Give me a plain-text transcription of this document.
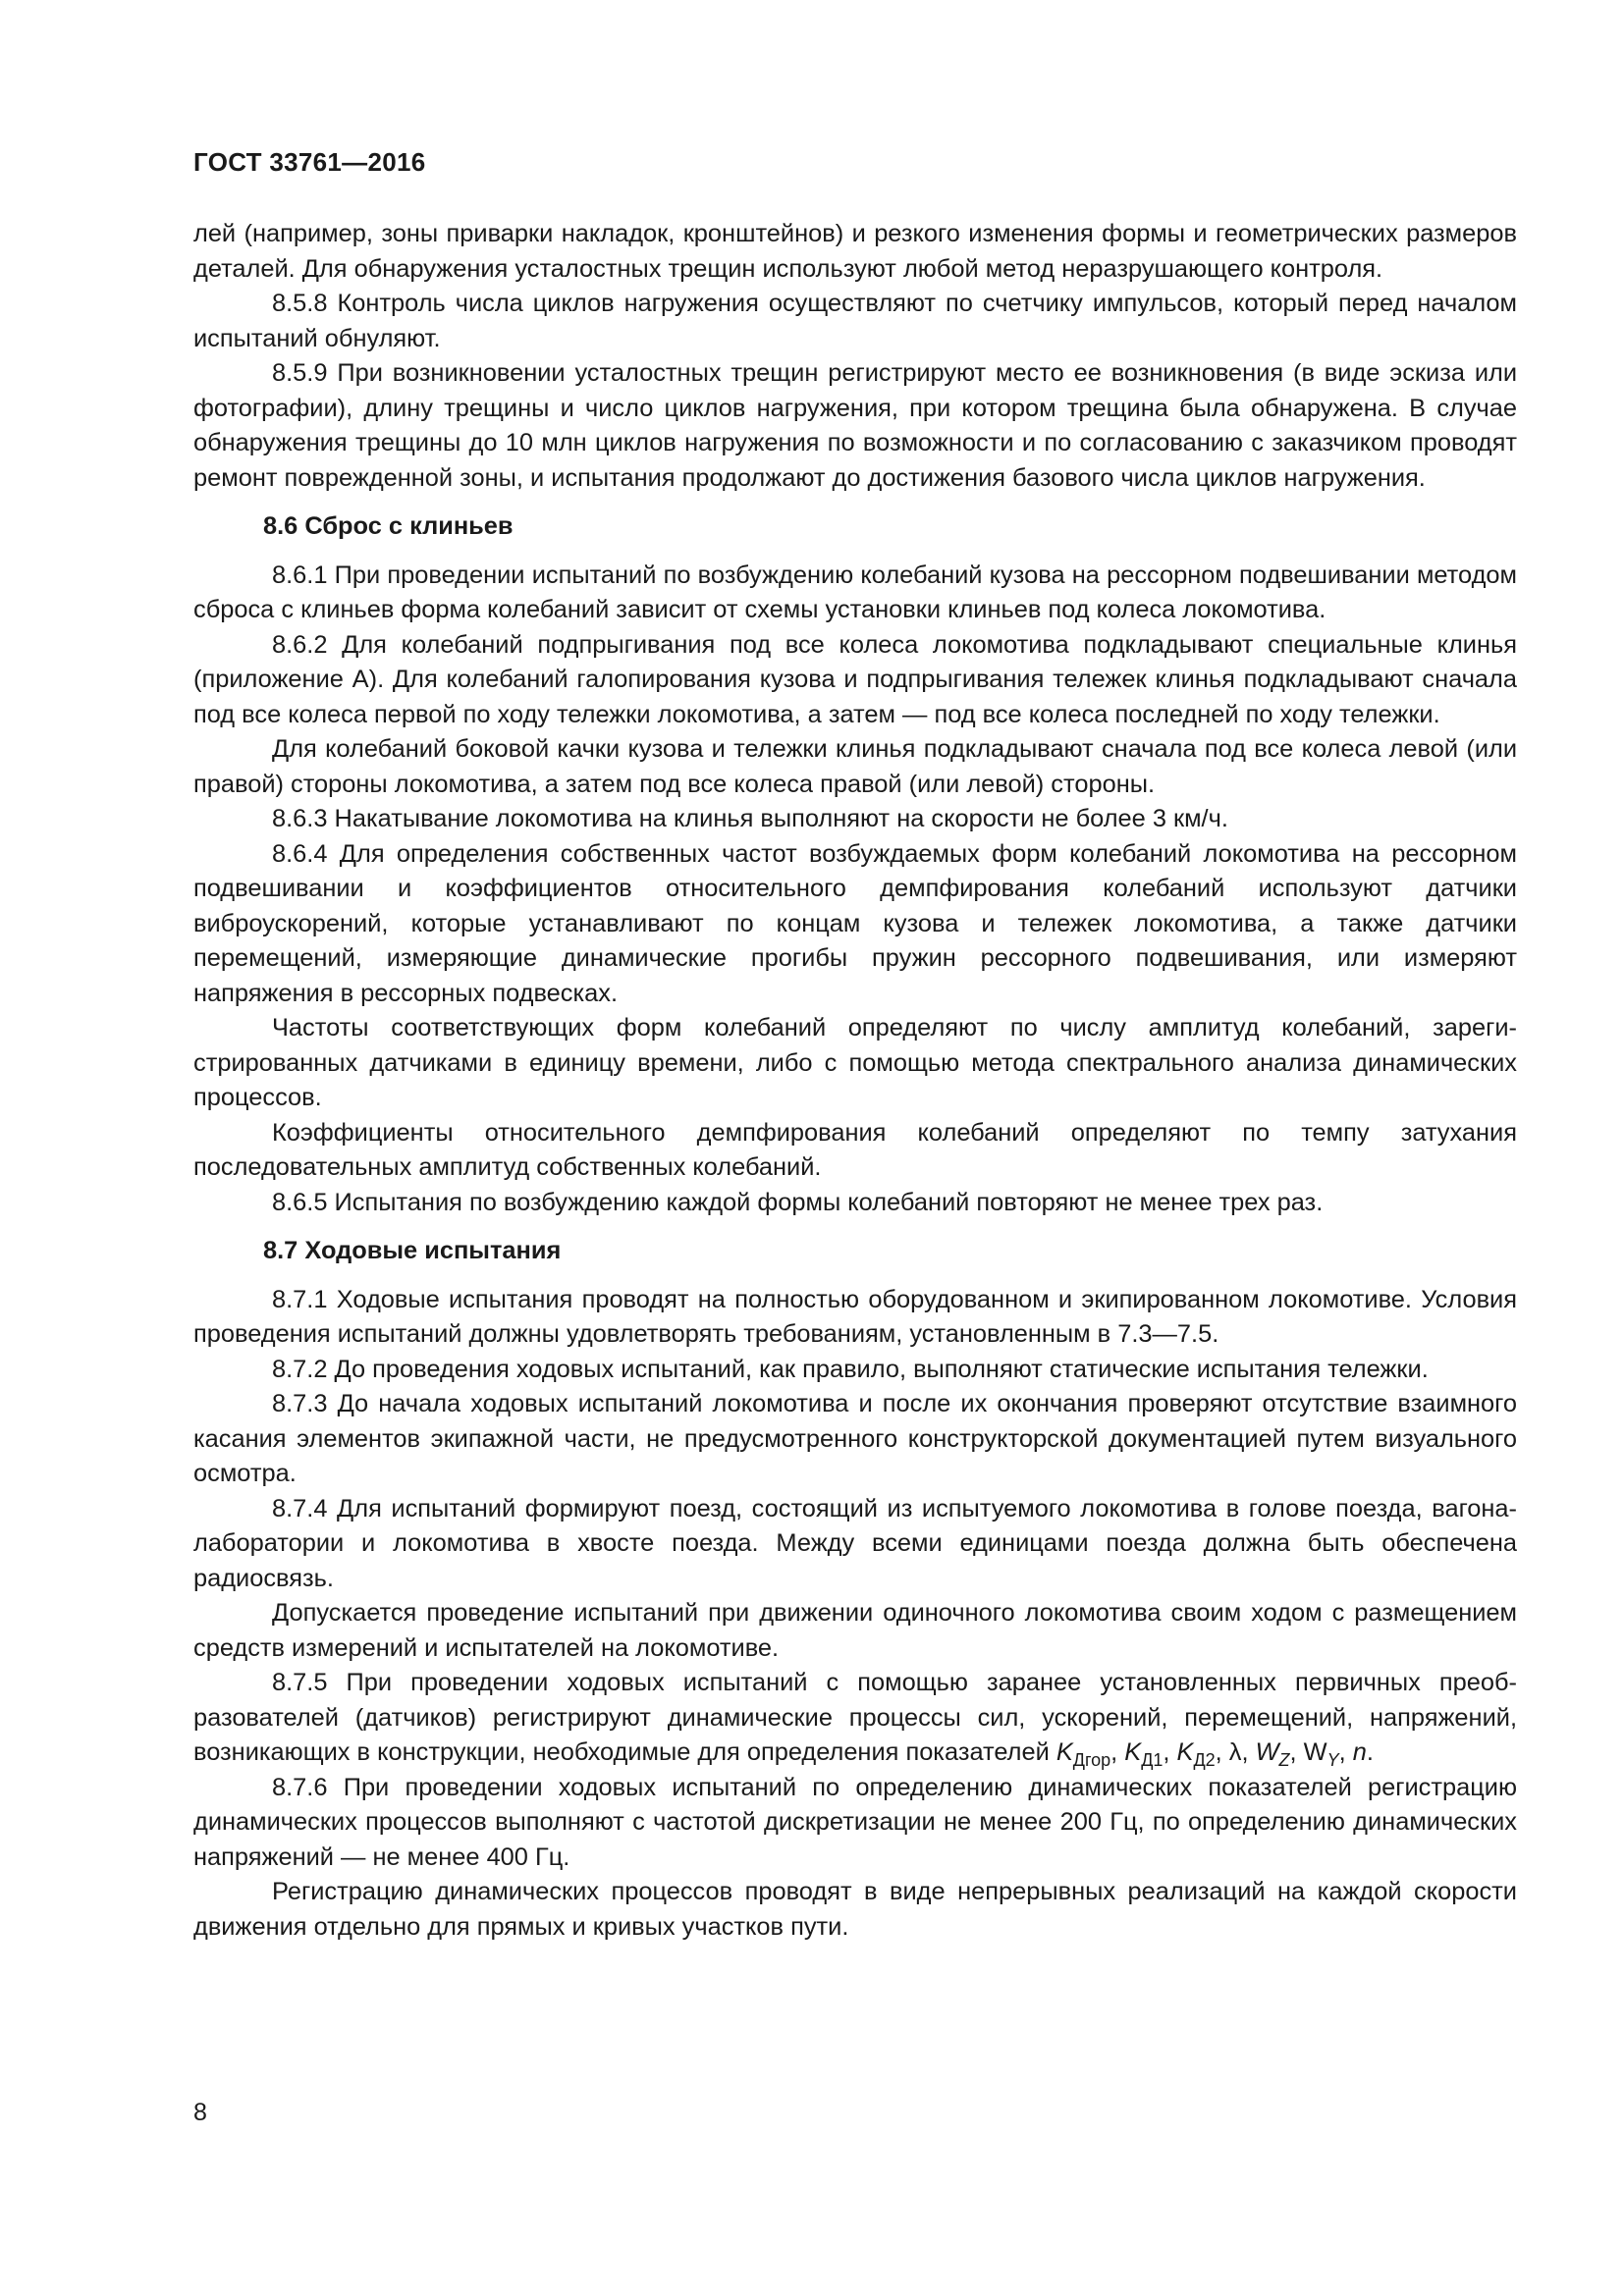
ГОСТ 33761—2016

лей (например, зоны приварки накладок, кронштейнов) и резкого изменения формы и геометрических размеров деталей. Для обнаружения усталостных трещин используют любой метод неразрушающего контроля.

8.5.8 Контроль числа циклов нагружения осуществляют по счетчику импульсов, который перед началом испытаний обнуляют.

8.5.9 При возникновении усталостных трещин регистрируют место ее возникновения (в виде эскиза или фотографии), длину трещины и число циклов нагружения, при котором трещина была обнаружена. В случае обнаружения трещины до 10 млн циклов нагружения по возможности и по согласованию с заказчиком проводят ремонт поврежденной зоны, и испытания продолжают до достижения базового числа циклов нагружения.

8.6 Сброс с клиньев

8.6.1 При проведении испытаний по возбуждению колебаний кузова на рессорном подвешивании методом сброса с клиньев форма колебаний зависит от схемы установки клиньев под колеса локомотива.

8.6.2 Для колебаний подпрыгивания под все колеса локомотива подкладывают специальные клинья (приложение А). Для колебаний галопирования кузова и подпрыгивания тележек клинья подкладывают сначала под все колеса первой по ходу тележки локомотива, а затем — под все колеса последней по ходу тележки.

Для колебаний боковой качки кузова и тележки клинья подкладывают сначала под все колеса левой (или правой) стороны локомотива, а затем под все колеса правой (или левой) стороны.

8.6.3 Накатывание локомотива на клинья выполняют на скорости не более 3 км/ч.

8.6.4 Для определения собственных частот возбуждаемых форм колебаний локомотива на рессорном подвешивании и коэффициентов относительного демпфирования колебаний используют датчики виброускорений, которые устанавливают по концам кузова и тележек локомотива, а также датчики перемещений, измеряющие динамические прогибы пружин рессорного подвешивания, или измеряют напряжения в рессорных подвесках.

Частоты соответствующих форм колебаний определяют по числу амплитуд колебаний, зарегистрированных датчиками в единицу времени, либо с помощью метода спектрального анализа динамических процессов.

Коэффициенты относительного демпфирования колебаний определяют по темпу затухания последовательных амплитуд собственных колебаний.

8.6.5 Испытания по возбуждению каждой формы колебаний повторяют не менее трех раз.

8.7 Ходовые испытания

8.7.1 Ходовые испытания проводят на полностью оборудованном и экипированном локомотиве. Условия проведения испытаний должны удовлетворять требованиям, установленным в 7.3—7.5.

8.7.2 До проведения ходовых испытаний, как правило, выполняют статические испытания тележки.

8.7.3 До начала ходовых испытаний локомотива и после их окончания проверяют отсутствие взаимного касания элементов экипажной части, не предусмотренного конструкторской документацией путем визуального осмотра.

8.7.4 Для испытаний формируют поезд, состоящий из испытуемого локомотива в голове поезда, вагона-лаборатории и локомотива в хвосте поезда. Между всеми единицами поезда должна быть обеспечена радиосвязь.

Допускается проведение испытаний при движении одиночного локомотива своим ходом с размещением средств измерений и испытателей на локомотиве.

8.7.5 При проведении ходовых испытаний с помощью заранее установленных первичных преобразователей (датчиков) регистрируют динамические процессы сил, ускорений, перемещений, напряжений, возникающих в конструкции, необходимые для определения показателей $K_{Дгор}$, $K_{Д1}$, $K_{Д2}$, λ, $W_Z$, $W_Y$, n.

8.7.6 При проведении ходовых испытаний по определению динамических показателей регистрацию динамических процессов выполняют с частотой дискретизации не менее 200 Гц, по определению динамических напряжений — не менее 400 Гц.

Регистрацию динамических процессов проводят в виде непрерывных реализаций на каждой скорости движения отдельно для прямых и кривых участков пути.

8
